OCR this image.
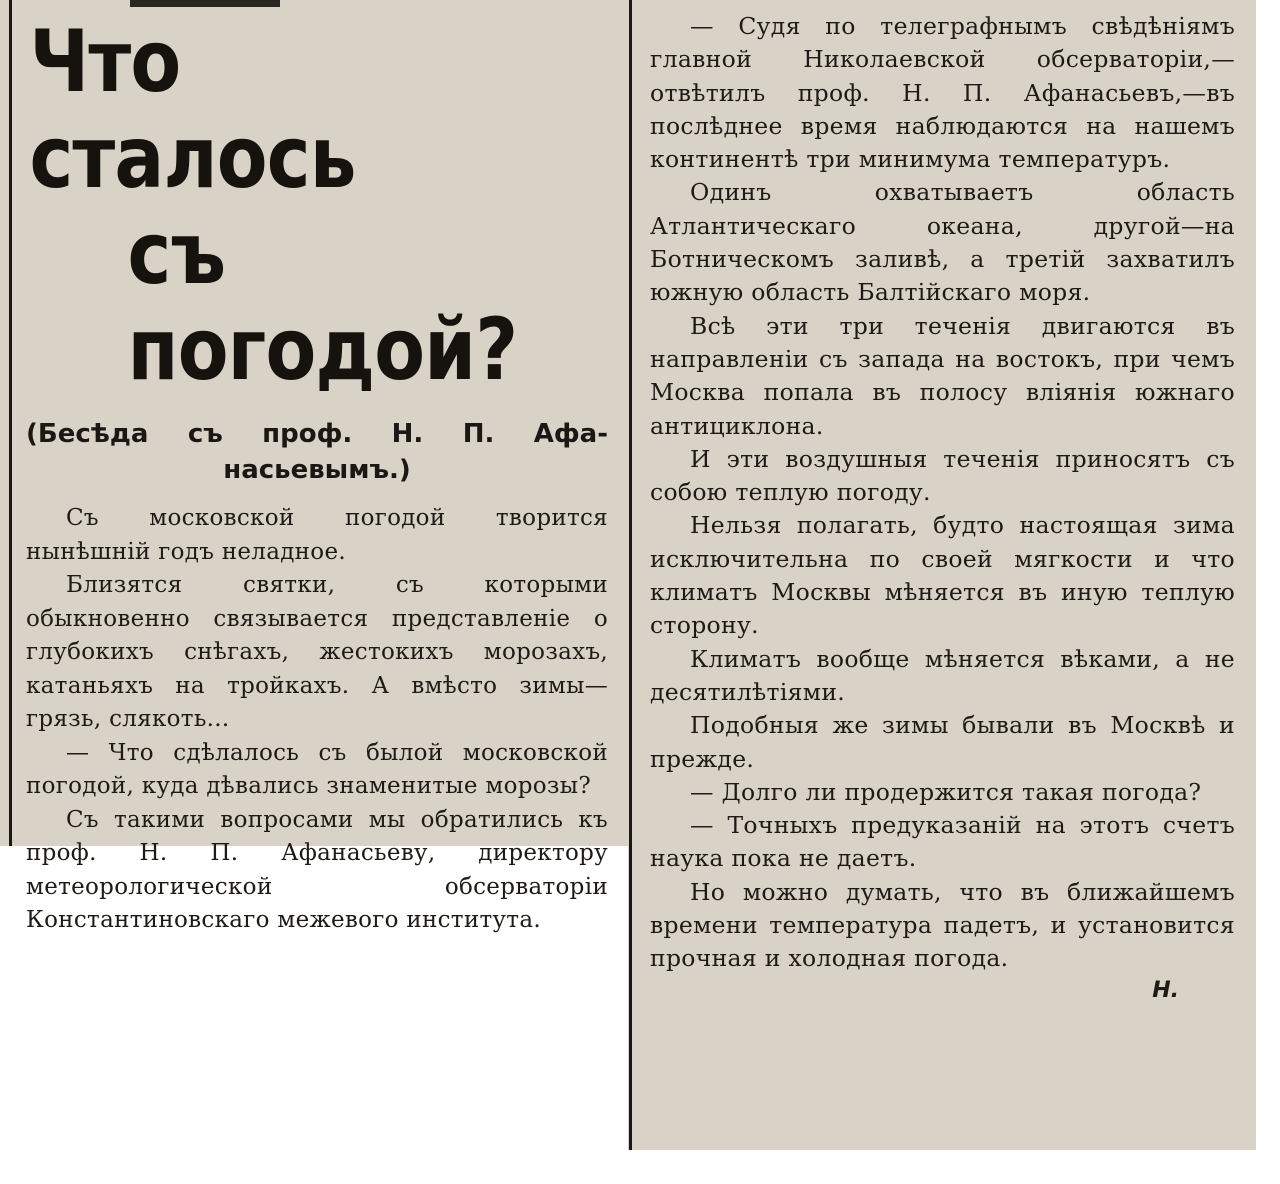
Что сталось
съ погодой?
(Бесѣда съ проф. Н. П. Афа-
насьевымъ.)

Съ московской погодой творится нынѣшній годъ неладное.

Близятся святки, съ которыми обыкновенно связывается представленіе о глубокихъ снѣгахъ, жестокихъ морозахъ, катаньяхъ на тройкахъ. А вмѣсто зимы—грязь, слякоть...

— Что сдѣлалось съ былой московской погодой, куда дѣвались знаменитые морозы?

Съ такими вопросами мы обратились къ проф. Н. П. Афанасьеву, директору метеорологической обсерваторіи Константиновскаго межевого института.

— Судя по телеграфнымъ свѣдѣніямъ главной Николаевской обсерваторіи,—отвѣтилъ проф. Н. П. Афанасьевъ,—въ послѣднее время наблюдаются на нашемъ континентѣ три минимума температуръ.

Одинъ охватываетъ область Атлантическаго океана, другой—на Ботническомъ заливѣ, а третій захватилъ южную область Балтійскаго моря.

Всѣ эти три теченія двигаются въ направленіи съ запада на востокъ, при чемъ Москва попала въ полосу вліянія южнаго антициклона.

И эти воздушныя теченія приносятъ съ собою теплую погоду.

Нельзя полагать, будто настоящая зима исключительна по своей мягкости и что климатъ Москвы мѣняется въ иную теплую сторону.

Климатъ вообще мѣняется вѣками, а не десятилѣтіями.

Подобныя же зимы бывали въ Москвѣ и прежде.

— Долго ли продержится такая погода?

— Точныхъ предуказаній на этотъ счетъ наука пока не даетъ.

Но можно думать, что въ ближайшемъ времени температура падетъ, и установится прочная и холодная погода.

Н.
